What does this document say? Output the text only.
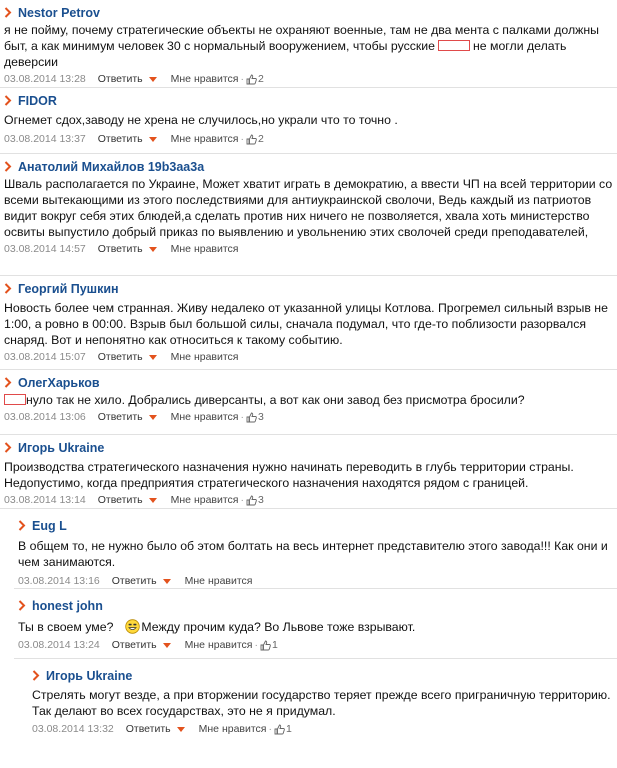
Nestor Petrov
я не пойму, почему стратегические объекты не охраняют военные, там не два мента с палками должны быт, а как минимум человек 30 с нормальный вооружением, чтобы русские	не могли делать деверсии
03.08.2014 13:28 Ответить	Мне нравится · 2
FIDOR
Огнемет сдох,заводу не хрена не случилось,но украли что то точно .
03.08.2014 13:37 Ответить	Мне нравится · 2
Анатолий Михайлов 19b3aa3a
Шваль располагается по Украине, Может хватит играть в демократию, а ввести ЧП на всей территории со всеми вытекающими из этого последствиями для антиукраинской сволочи, Ведь каждый из патриотов видит вокруг себя этих блюдей,а сделать против них ничего не позволяется, хвала хоть министерство освиты выпустило добрый приказ по выявлению и увольнению этих сволочей среди преподавателей,
03.08.2014 14:57 Ответить	Мне нравится
Георгий Пушкин
Новость более чем странная. Живу недалеко от указанной улицы Котлова. Прогремел сильный взрыв не 1:00, а ровно в 00:00. Взрыв был большой силы, сначала подумал, что где-то поблизости разорвался снаряд. Вот и непонятно как относиться к такому событию.
03.08.2014 15:07 Ответить	Мне нравится
ОлегХарьков
нуло так не хило. Добрались диверсанты, а вот как они завод без присмотра бросили?
03.08.2014 13:06 Ответить	Мне нравится · 3
Игорь Ukraine
Производства стратегического назначения нужно начинать переводить в глубь территории страны. Недопустимо, когда предприятия стратегического назначения находятся рядом с границей.
03.08.2014 13:14 Ответить	Мне нравится · 3
Eug L
В общем то, не нужно было об этом болтать на весь интернет представителю этого завода!!! Как они и чем занимаются.
03.08.2014 13:16 Ответить	Мне нравится
honest john
Ты в своем уме? Между прочим куда? Во Львове тоже взрывают.
03.08.2014 13:24 Ответить	Мне нравится · 1
Игорь Ukraine
Стрелять могут везде, а при вторжении государство теряет прежде всего приграничную территорию.
Так делают во всех государствах, это не я придумал.
03.08.2014 13:32 Ответить	Мне нравится · 1
